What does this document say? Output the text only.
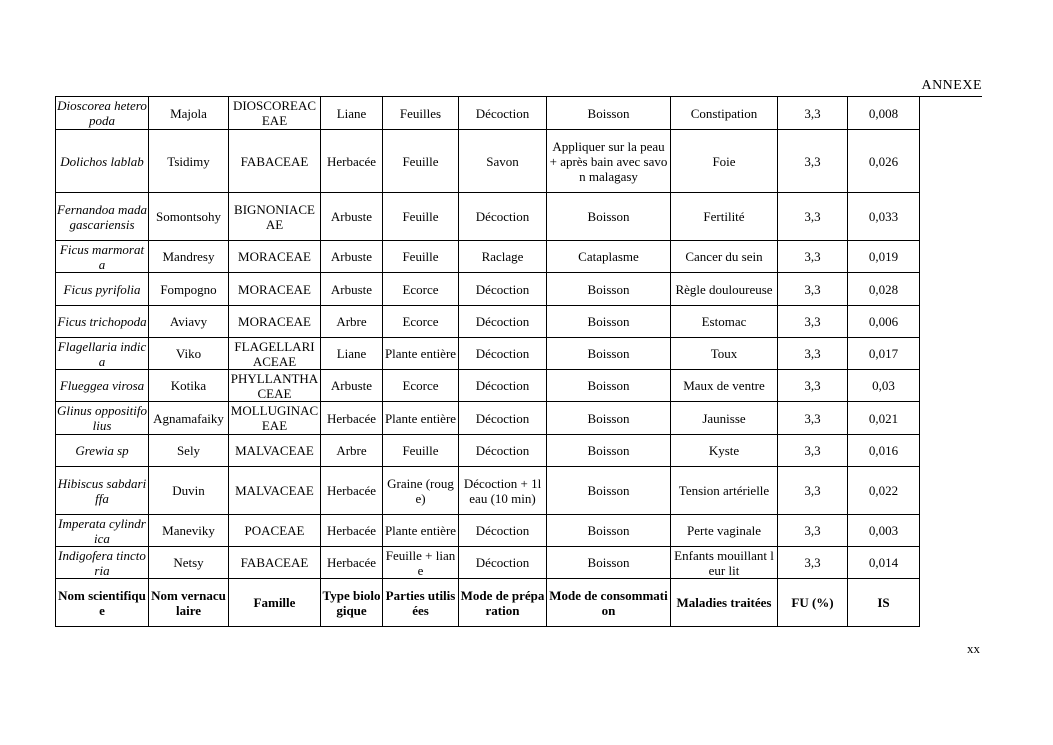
ANNEXE
Dioscorea heteropoda	Majola	DIOSCOREACEAE	Liane	Feuilles	Décoction	Boisson	Constipation	3,3	0,008
Dolichos lablab	Tsidimy	FABACEAE	Herbacée	Feuille	Savon	Appliquer sur la peau + après bain avec savon malagasy	Foie	3,3	0,026
Fernandoa madagascariensis	Somontsohy	BIGNONIACEAE	Arbuste	Feuille	Décoction	Boisson	Fertilité	3,3	0,033
Ficus marmorata	Mandresy	MORACEAE	Arbuste	Feuille	Raclage	Cataplasme	Cancer du sein	3,3	0,019
Ficus pyrifolia	Fompogno	MORACEAE	Arbuste	Ecorce	Décoction	Boisson	Règle douloureuse	3,3	0,028
Ficus trichopoda	Aviavy	MORACEAE	Arbre	Ecorce	Décoction	Boisson	Estomac	3,3	0,006
Flagellaria indica	Viko	FLAGELLARIACEAE	Liane	Plante entière	Décoction	Boisson	Toux	3,3	0,017
Flueggea virosa	Kotika	PHYLLANTHACEAE	Arbuste	Ecorce	Décoction	Boisson	Maux de ventre	3,3	0,03
Glinus oppositifolius	Agnamafaiky	MOLLUGINACEAE	Herbacée	Plante entière	Décoction	Boisson	Jaunisse	3,3	0,021
Grewia sp	Sely	MALVACEAE	Arbre	Feuille	Décoction	Boisson	Kyste	3,3	0,016
Hibiscus sabdariffa	Duvin	MALVACEAE	Herbacée	Graine (rouge)	Décoction + 1l eau (10 min)	Boisson	Tension artérielle	3,3	0,022
Imperata cylindrica	Maneviky	POACEAE	Herbacée	Plante entière	Décoction	Boisson	Perte vaginale	3,3	0,003
Indigofera tinctoria	Netsy	FABACEAE	Herbacée	Feuille + liane	Décoction	Boisson	Enfants mouillant leur lit	3,3	0,014
Nom scientifique	Nom vernaculaire	Famille	Type biologique	Parties utilisées	Mode de préparation	Mode de consommation	Maladies traitées	FU (%)	IS
xx
